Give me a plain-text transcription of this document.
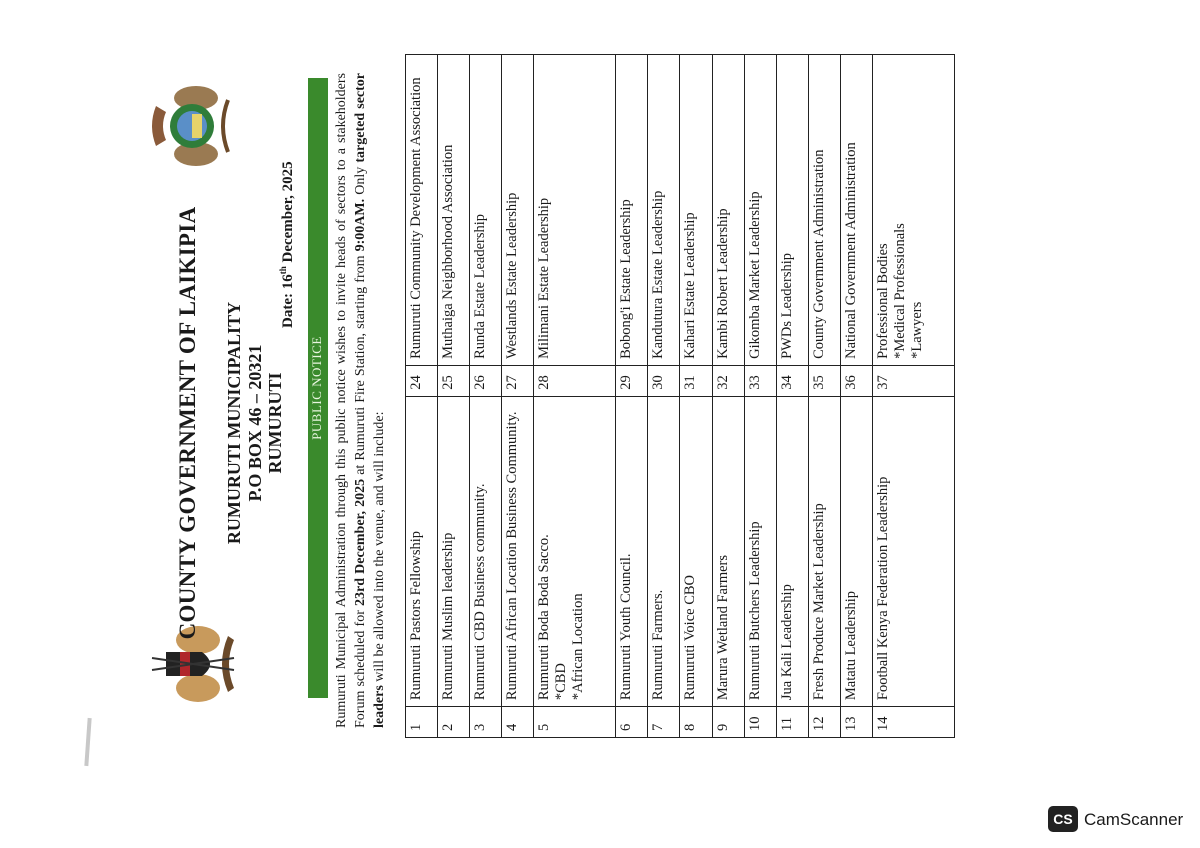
COUNTY GOVERNMENT OF LAIKIPIA RUMURUTI MUNICIPALITY P.O BOX 46 – 20321 RUMURUTI
Date: 16th December, 2025
PUBLIC NOTICE Rumuruti Municipal Administration through this public notice wishes to invite heads of sectors to a stakeholders Forum scheduled for 23rd December, 2025 at Rumuruti Fire Station, starting from 9:00AM. Only targeted sector leaders will be allowed into the venue, and will include:
1	Rumuruti Pastors Fellowship	24	Rumuruti Community Development Association
2	Rumuruti Muslim leadership	25	Muthaiga Neighborhood Association
3	Rumuruti CBD Business community.	26	Runda Estate Leadership
4	Rumuruti African Location Business Community.	27	Westlands Estate Leadership
5	Rumuruti Boda Boda Sacco.
*CBD
*African Location	28	Milimani Estate Leadership
6	Rumuruti Youth Council.	29	Bobong'i Estate Leadership
7	Rumuruti Farmers.	30	Kandutura Estate Leadership
8	Rumuruti Voice CBO	31	Kahari Estate Leadership
9	Marura Wetland Farmers	32	Kambi Robert Leadership
10	Rumuruti Butchers Leadership	33	Gikomba Market Leadership
11	Jua Kali Leadership	34	PWDs Leadership
12	Fresh Produce Market Leadership	35	County Government Administration
13	Matatu Leadership	36	National Government Administration
14	Football Kenya Federation Leadership	37	Professional Bodies
*Medical Professionals
*Lawyers
CS CamScanner
